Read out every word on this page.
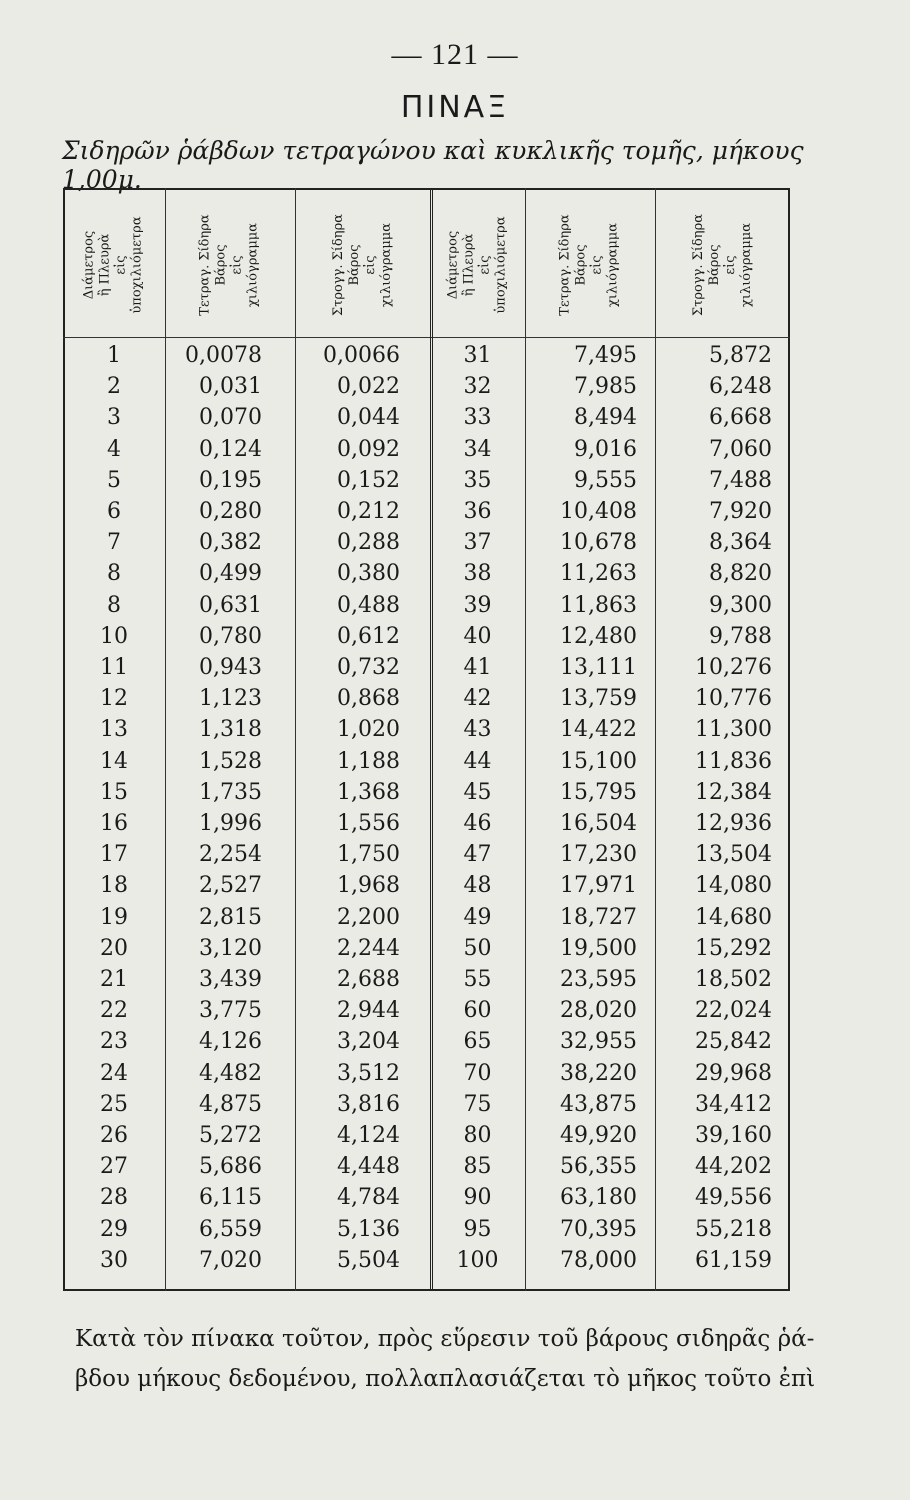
— 121 —
ΠΙΝΑΞ
Σιδηρῶν ῥάβδων τετραγώνου καὶ κυκλικῆς τομῆς, μήκους 1,00μ.
Διάμετρος ἢ Πλευρὰ εἰς ὑποχιλιόμετρα
1
2
3
4
5
6
7
8
8
10
11
12
13
14
15
16
17
18
19
20
21
22
23
24
25
26
27
28
29
30
Τετραγ. Σίδηρα Βάρος εἰς χιλιόγραμμα
0,0078
0,031
0,070
0,124
0,195
0,280
0,382
0,499
0,631
0,780
0,943
1,123
1,318
1,528
1,735
1,996
2,254
2,527
2,815
3,120
3,439
3,775
4,126
4,482
4,875
5,272
5,686
6,115
6,559
7,020
Στρογγ. Σίδηρα Βάρος εἰς χιλιόγραμμα
0,0066
0,022
0,044
0,092
0,152
0,212
0,288
0,380
0,488
0,612
0,732
0,868
1,020
1,188
1,368
1,556
1,750
1,968
2,200
2,244
2,688
2,944
3,204
3,512
3,816
4,124
4,448
4,784
5,136
5,504
Διάμετρος ἢ Πλευρὰ εἰς ὑποχιλιόμετρα
31
32
33
34
35
36
37
38
39
40
41
42
43
44
45
46
47
48
49
50
55
60
65
70
75
80
85
90
95
100
Τετραγ. Σίδηρα Βάρος εἰς χιλιόγραμμα
7,495
7,985
8,494
9,016
9,555
10,408
10,678
11,263
11,863
12,480
13,111
13,759
14,422
15,100
15,795
16,504
17,230
17,971
18,727
19,500
23,595
28,020
32,955
38,220
43,875
49,920
56,355
63,180
70,395
78,000
Στρογγ. Σίδηρα Βάρος εἰς χιλιόγραμμα
5,872
6,248
6,668
7,060
7,488
7,920
8,364
8,820
9,300
9,788
10,276
10,776
11,300
11,836
12,384
12,936
13,504
14,080
14,680
15,292
18,502
22,024
25,842
29,968
34,412
39,160
44,202
49,556
55,218
61,159
Κατὰ τὸν πίνακα τοῦτον, πρὸς εὕρεσιν τοῦ βάρους σιδηρᾶς ῥά-
βδου μήκους δεδομένου, πολλαπλασιάζεται τὸ μῆκος τοῦτο ἐπὶ
